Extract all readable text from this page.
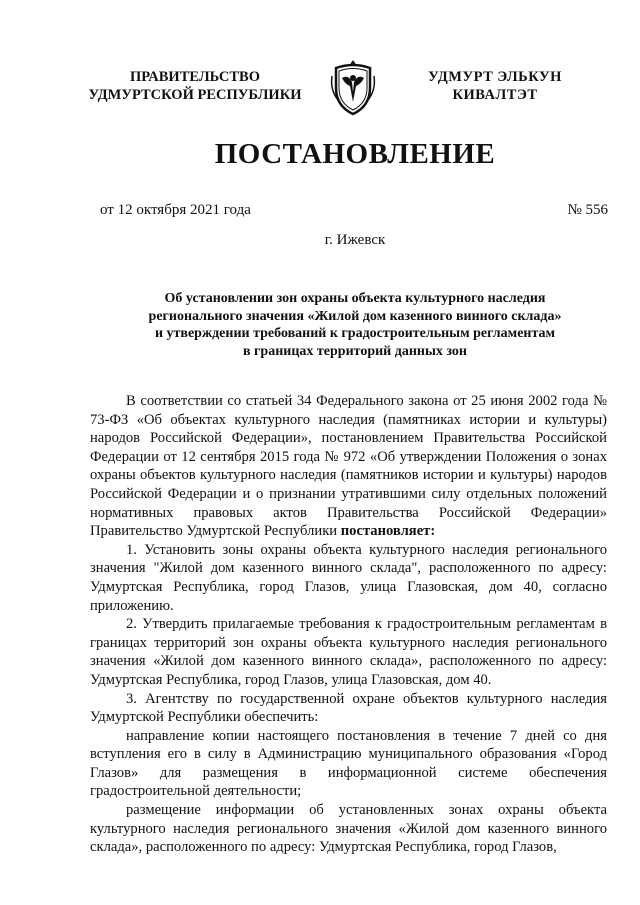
ПРАВИТЕЛЬСТВО
УДМУРТСКОЙ РЕСПУБЛИКИ
УДМУРТ ЭЛЬКУН
КИВАЛТЭТ
ПОСТАНОВЛЕНИЕ
от 12 октября 2021 года	№ 556
г. Ижевск
Об установлении зон охраны объекта культурного наследия
регионального значения «Жилой дом казенного винного склада»
и утверждении требований к градостроительным регламентам
в границах территорий данных зон

В соответствии со статьей 34 Федерального закона от 25 июня 2002 года № 73-ФЗ «Об объектах культурного наследия (памятниках истории и культуры) народов Российской Федерации», постановлением Правительства Российской Федерации от 12 сентября 2015 года № 972 «Об утверждении Положения о зонах охраны объектов культурного наследия (памятников истории и культуры) народов Российской Федерации и о признании утратившими силу отдельных положений нормативных правовых актов Правительства Российской Федерации» Правительство Удмуртской Республики постановляет:

1. Установить зоны охраны объекта культурного наследия регионального значения "Жилой дом казенного винного склада", расположенного по адресу: Удмуртская Республика, город Глазов, улица Глазовская, дом 40, согласно приложению.

2. Утвердить прилагаемые требования к градостроительным регламентам в границах территорий зон охраны объекта культурного наследия регионального значения «Жилой дом казенного винного склада», расположенного по адресу: Удмуртская Республика, город Глазов, улица Глазовская, дом 40.

3. Агентству по государственной охране объектов культурного наследия Удмуртской Республики обеспечить:

направление копии настоящего постановления в течение 7 дней со дня вступления его в силу в Администрацию муниципального образования «Город Глазов» для размещения в информационной системе обеспечения градостроительной деятельности;

размещение информации об установленных зонах охраны объекта культурного наследия регионального значения «Жилой дом казенного винного склада», расположенного по адресу: Удмуртская Республика, город Глазов,
